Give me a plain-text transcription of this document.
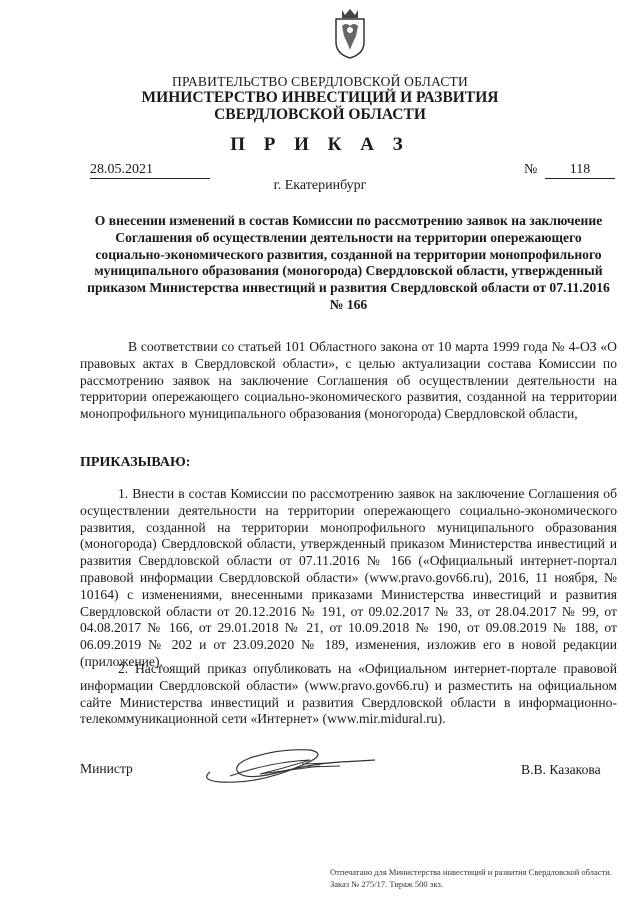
ПРАВИТЕЛЬСТВО СВЕРДЛОВСКОЙ ОБЛАСТИ
МИНИСТЕРСТВО ИНВЕСТИЦИЙ И РАЗВИТИЯ
СВЕРДЛОВСКОЙ ОБЛАСТИ
П Р И К А З
28.05.2021	№	118
г. Екатеринбург
О внесении изменений в состав Комиссии по рассмотрению заявок на заключение Соглашения об осуществлении деятельности на территории опережающего социально-экономического развития, созданной на территории монопрофильного муниципального образования (моногорода) Свердловской области, утвержденный приказом Министерства инвестиций и развития Свердловской области от 07.11.2016 № 166
В соответствии со статьей 101 Областного закона от 10 марта 1999 года № 4-ОЗ «О правовых актах в Свердловской области», с целью актуализации состава Комиссии по рассмотрению заявок на заключение Соглашения об осуществлении деятельности на территории опережающего социально-экономического развития, созданной на территории монопрофильного муниципального образования (моногорода) Свердловской области,
ПРИКАЗЫВАЮ:
1. Внести в состав Комиссии по рассмотрению заявок на заключение Соглашения об осуществлении деятельности на территории опережающего социально-экономического развития, созданной на территории монопрофильного муниципального образования (моногорода) Свердловской области, утвержденный приказом Министерства инвестиций и развития Свердловской области от 07.11.2016 № 166 («Официальный интернет-портал правовой информации Свердловской области» (www.pravo.gov66.ru), 2016, 11 ноября, № 10164) с изменениями, внесенными приказами Министерства инвестиций и развития Свердловской области от 20.12.2016 № 191, от 09.02.2017 № 33, от 28.04.2017 № 99, от 04.08.2017 № 166, от 29.01.2018 № 21, от 10.09.2018 № 190, от 09.08.2019 № 188, от 06.09.2019 № 202 и от 23.09.2020 № 189, изменения, изложив его в новой редакции (приложение).
2. Настоящий приказ опубликовать на «Официальном интернет-портале правовой информации Свердловской области» (www.pravo.gov66.ru) и разместить на официальном сайте Министерства инвестиций и развития Свердловской области в информационно-телекоммуникационной сети «Интернет» (www.mir.midural.ru).
Министр	В.В. Казакова
Отпечатано для Министерства инвестиций и развития Свердловской области.
Заказ № 275/17. Тираж 500 экз.
